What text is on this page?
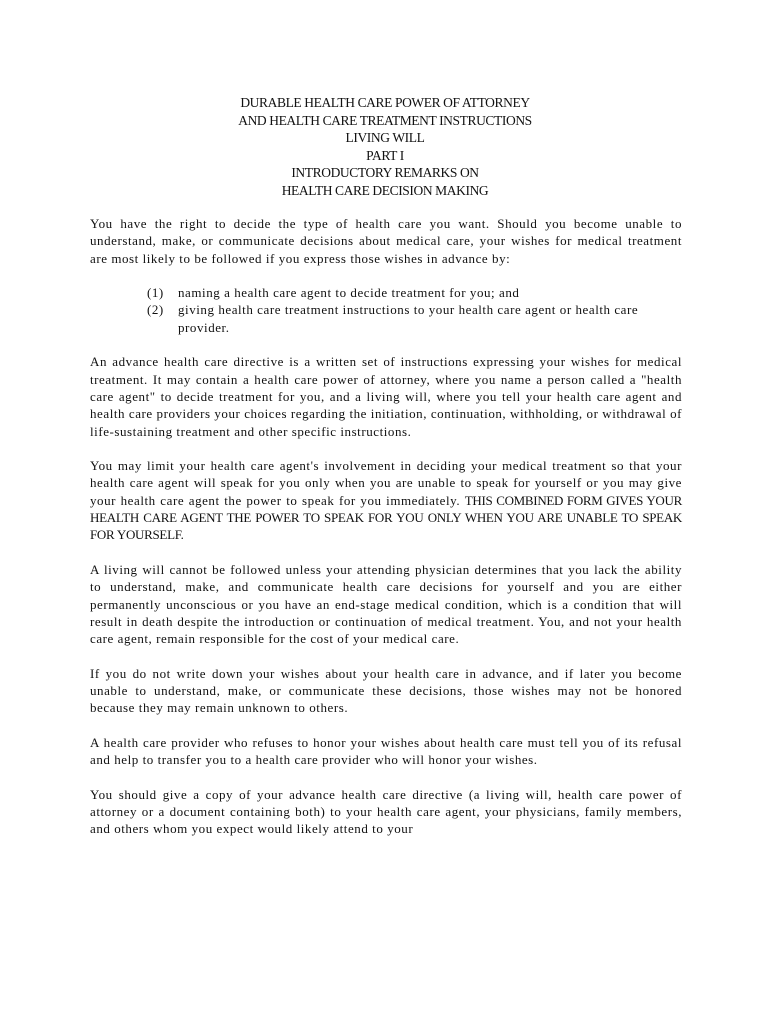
DURABLE HEALTH CARE POWER OF ATTORNEY
AND HEALTH CARE TREATMENT INSTRUCTIONS
LIVING WILL
PART I
INTRODUCTORY REMARKS ON
HEALTH CARE DECISION MAKING

You have the right to decide the type of health care you want. Should you become unable to understand, make, or communicate decisions about medical care, your wishes for medical treatment are most likely to be followed if you express those wishes in advance by:

(1) naming a health care agent to decide treatment for you; and
(2) giving health care treatment instructions to your health care agent or health care provider.

An advance health care directive is a written set of instructions expressing your wishes for medical treatment. It may contain a health care power of attorney, where you name a person called a "health care agent" to decide treatment for you, and a living will, where you tell your health care agent and health care providers your choices regarding the initiation, continuation, withholding, or withdrawal of life-sustaining treatment and other specific instructions.

You may limit your health care agent's involvement in deciding your medical treatment so that your health care agent will speak for you only when you are unable to speak for yourself or you may give your health care agent the power to speak for you immediately. THIS COMBINED FORM GIVES YOUR HEALTH CARE AGENT THE POWER TO SPEAK FOR YOU ONLY WHEN YOU ARE UNABLE TO SPEAK FOR YOURSELF.

A living will cannot be followed unless your attending physician determines that you lack the ability to understand, make, and communicate health care decisions for yourself and you are either permanently unconscious or you have an end-stage medical condition, which is a condition that will result in death despite the introduction or continuation of medical treatment. You, and not your health care agent, remain responsible for the cost of your medical care.

If you do not write down your wishes about your health care in advance, and if later you become unable to understand, make, or communicate these decisions, those wishes may not be honored because they may remain unknown to others.

A health care provider who refuses to honor your wishes about health care must tell you of its refusal and help to transfer you to a health care provider who will honor your wishes.

You should give a copy of your advance health care directive (a living will, health care power of attorney or a document containing both) to your health care agent, your physicians, family members, and others whom you expect would likely attend to your
